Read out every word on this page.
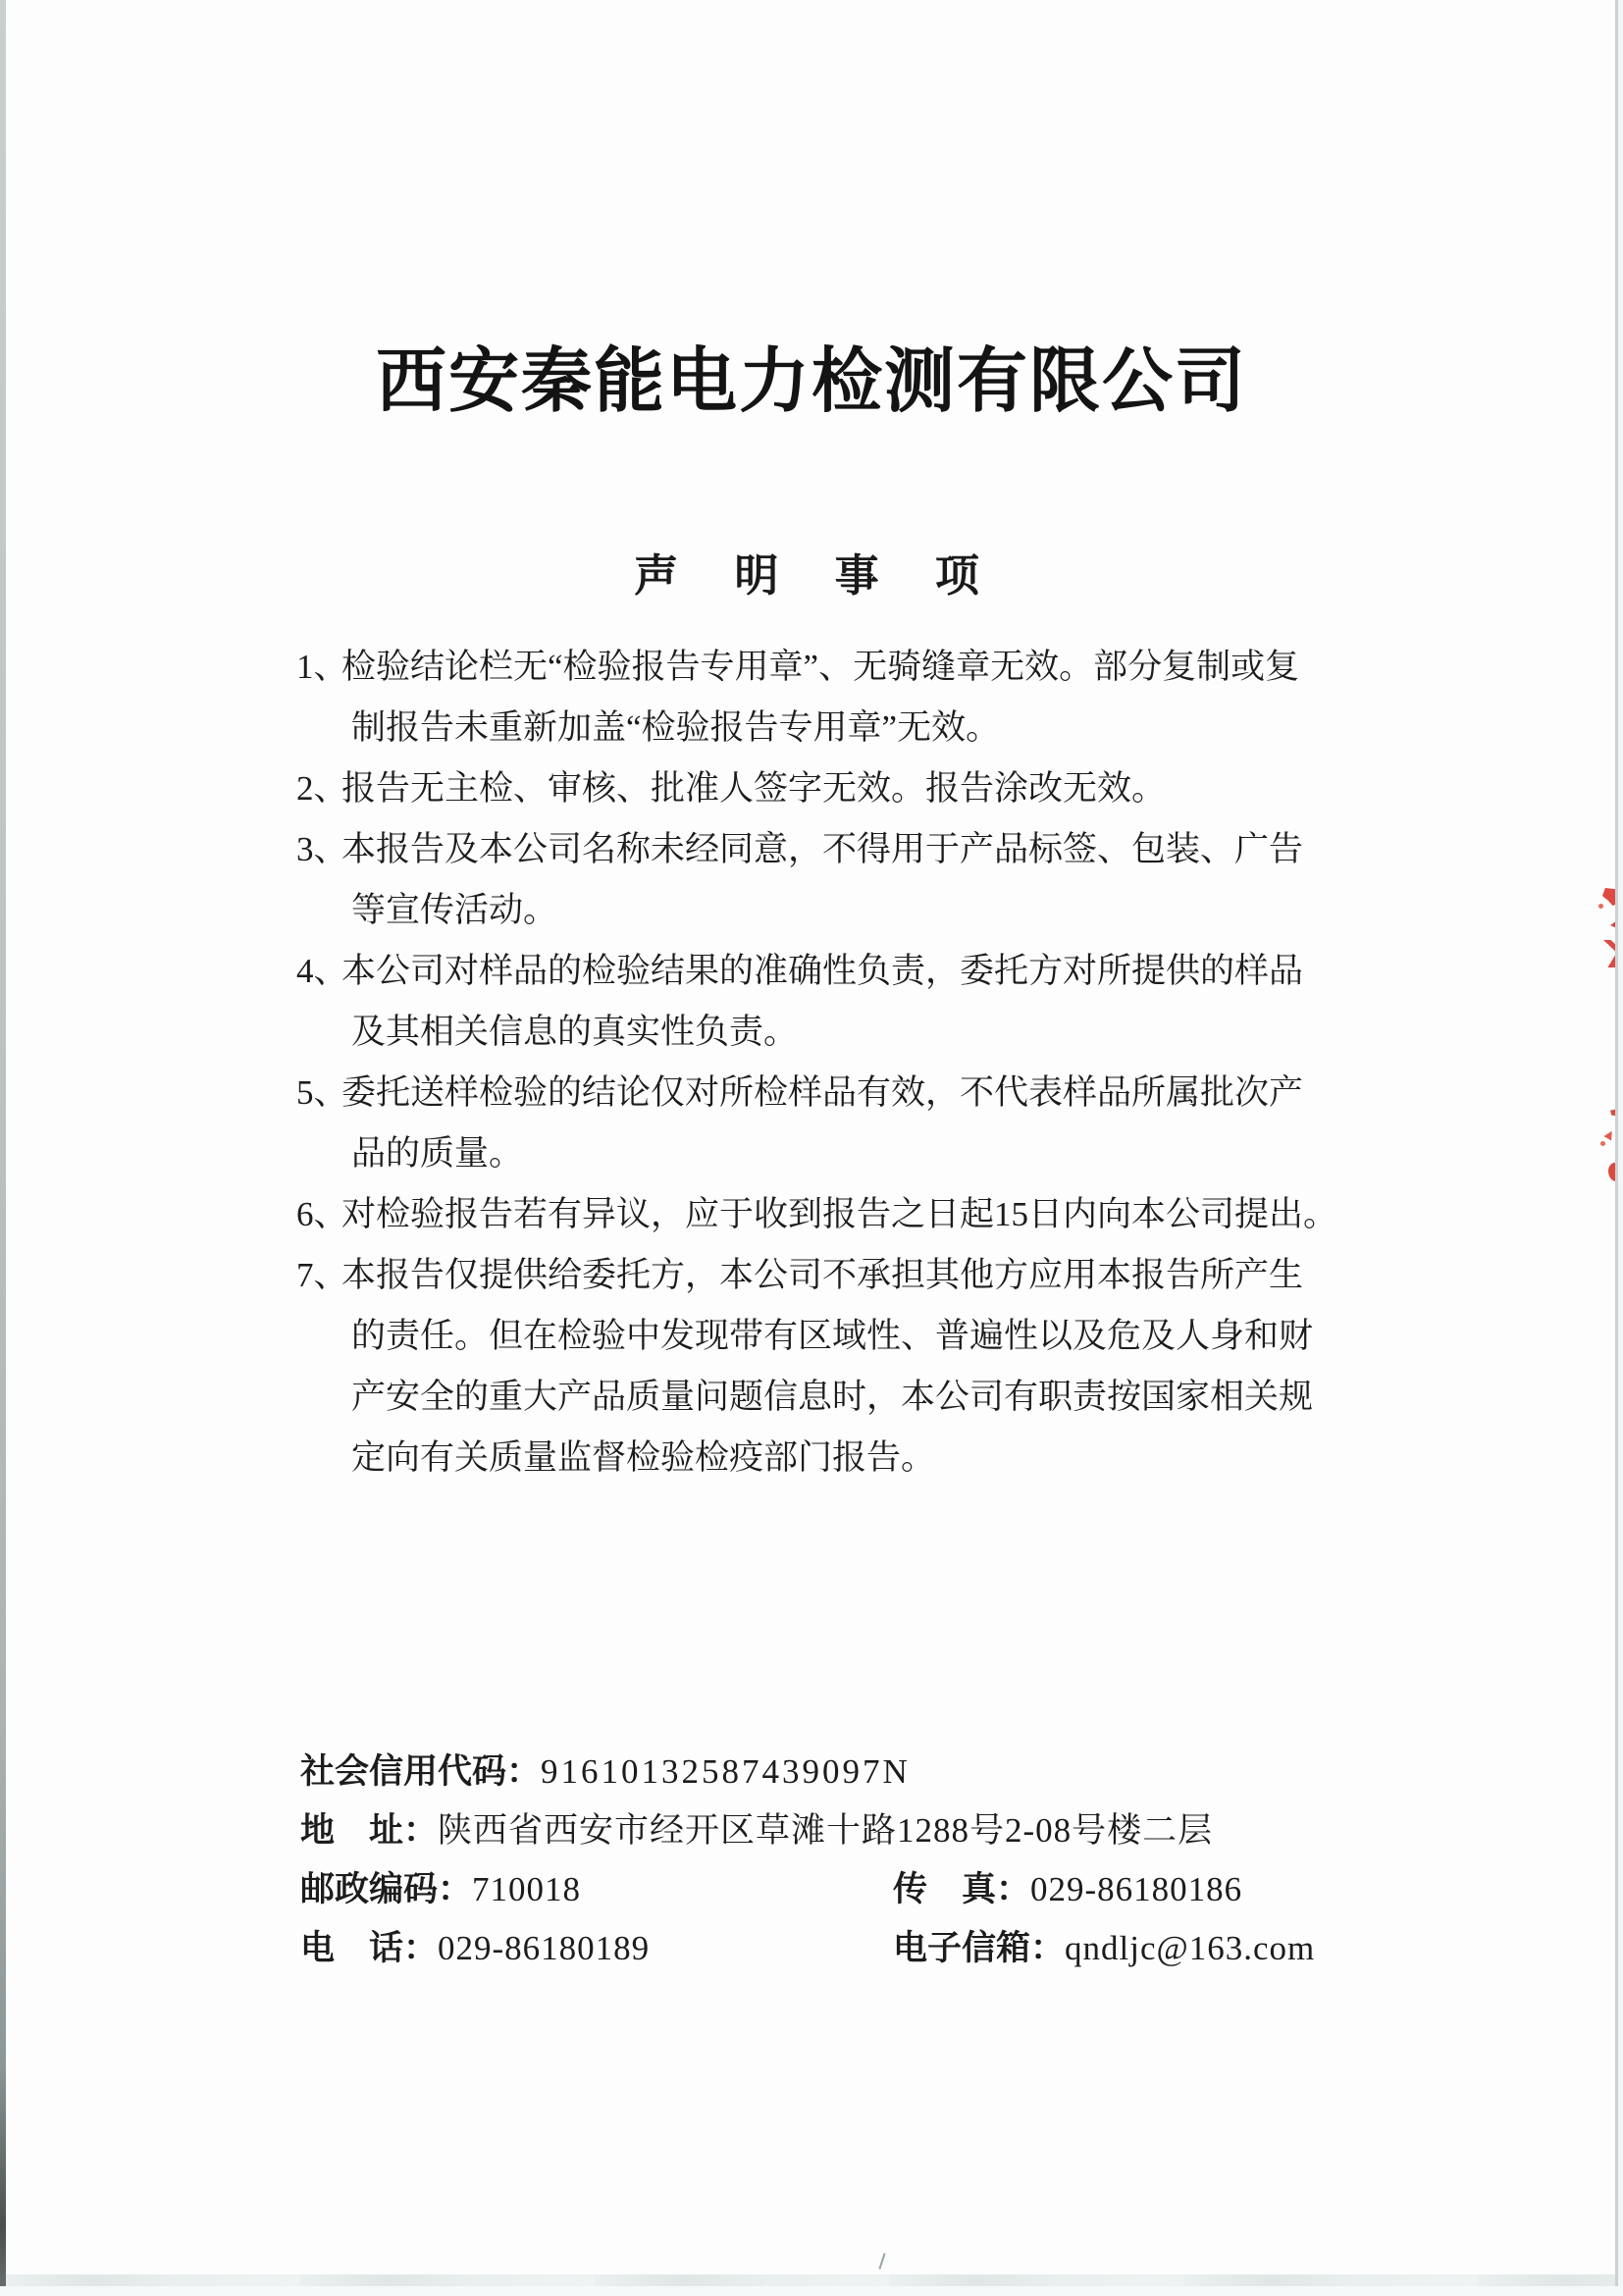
西安秦能电力检测有限公司
声 明 事 项
1、检验结论栏无“检验报告专用章”、无骑缝章无效。部分复制或复
制报告未重新加盖“检验报告专用章”无效。
2、报告无主检、审核、批准人签字无效。报告涂改无效。
3、本报告及本公司名称未经同意，不得用于产品标签、包装、广告
等宣传活动。
4、本公司对样品的检验结果的准确性负责，委托方对所提供的样品
及其相关信息的真实性负责。
5、委托送样检验的结论仅对所检样品有效，不代表样品所属批次产
品的质量。
6、对检验报告若有异议，应于收到报告之日起15日内向本公司提出。
7、本报告仅提供给委托方，本公司不承担其他方应用本报告所产生
的责任。但在检验中发现带有区域性、普遍性以及危及人身和财
产安全的重大产品质量问题信息时，本公司有职责按国家相关规
定向有关质量监督检验检疫部门报告。
社会信用代码：91610132587439097N
地　址：陕西省西安市经开区草滩十路1288号2-08号楼二层
邮政编码：710018	传　真：029-86180186
电　话：029-86180189	电子信箱：qndljc@163.com
